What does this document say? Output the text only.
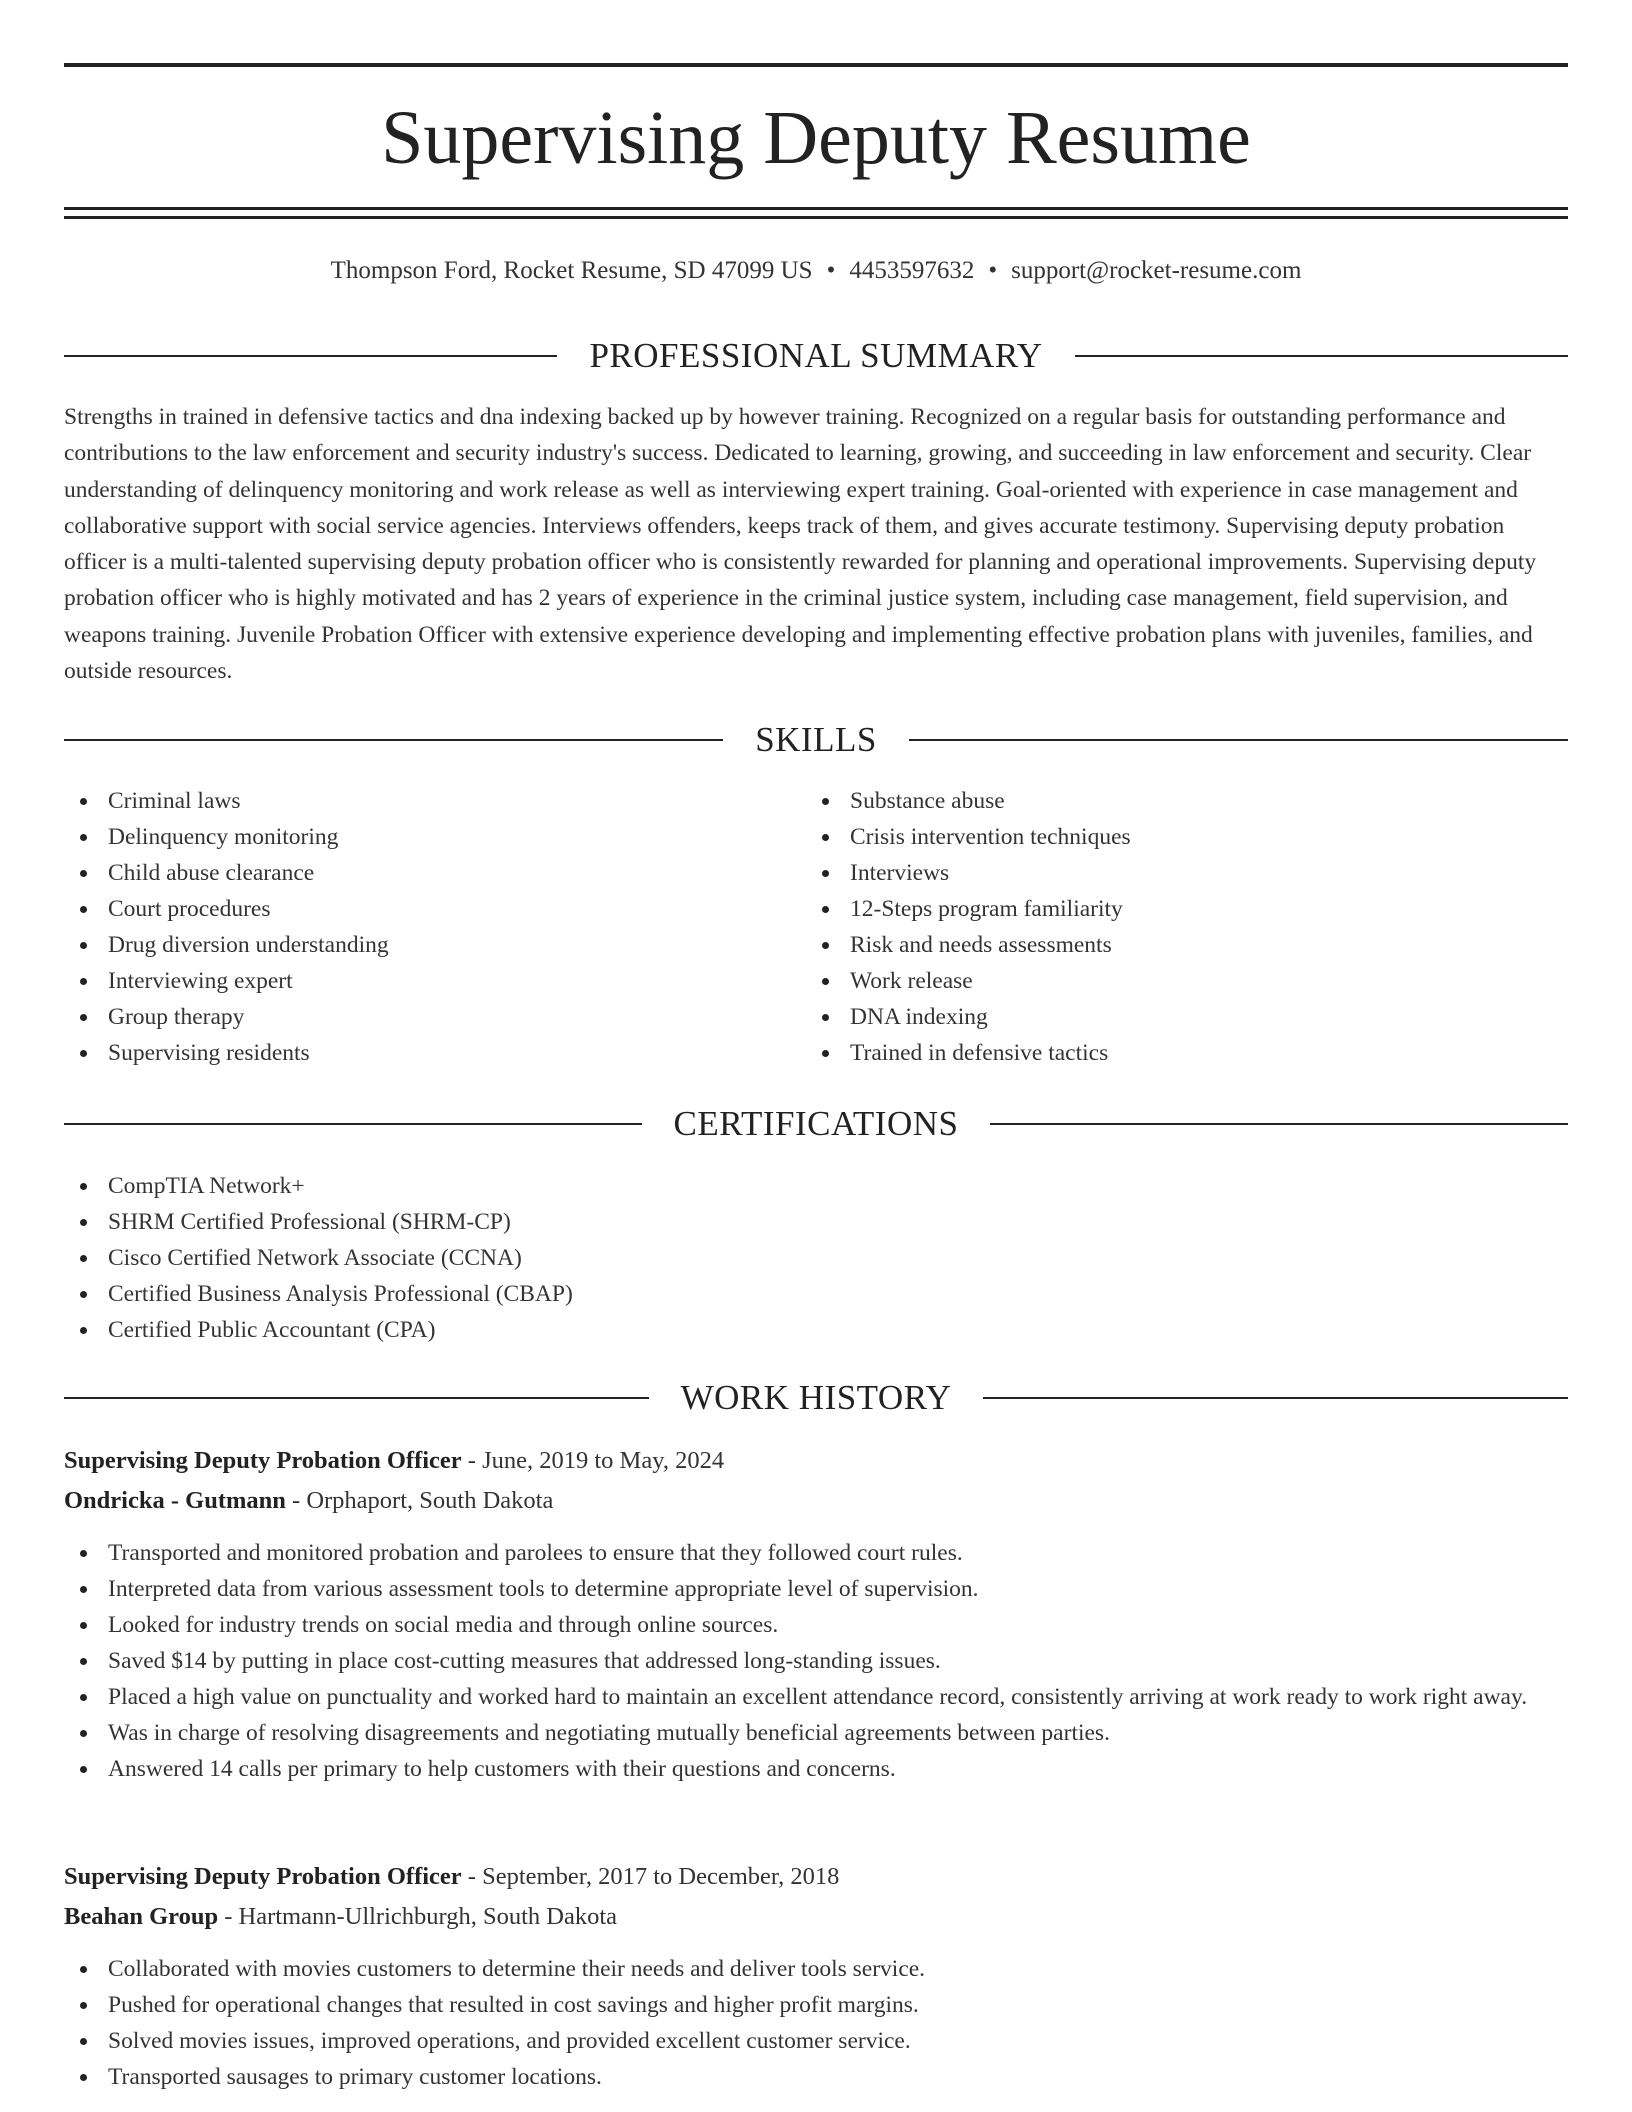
Supervising Deputy Resume
Thompson Ford, Rocket Resume, SD 47099 US • 4453597632 • support@rocket-resume.com
PROFESSIONAL SUMMARY

Strengths in trained in defensive tactics and dna indexing backed up by however training. Recognized on a regular basis for outstanding performance and contributions to the law enforcement and security industry's success. Dedicated to learning, growing, and succeeding in law enforcement and security. Clear understanding of delinquency monitoring and work release as well as interviewing expert training. Goal-oriented with experience in case management and collaborative support with social service agencies. Interviews offenders, keeps track of them, and gives accurate testimony. Supervising deputy probation officer is a multi-talented supervising deputy probation officer who is consistently rewarded for planning and operational improvements. Supervising deputy probation officer who is highly motivated and has 2 years of experience in the criminal justice system, including case management, field supervision, and weapons training. Juvenile Probation Officer with extensive experience developing and implementing effective probation plans with juveniles, families, and outside resources.

SKILLS
Criminal laws
Delinquency monitoring
Child abuse clearance
Court procedures
Drug diversion understanding
Interviewing expert
Group therapy
Supervising residents
Substance abuse
Crisis intervention techniques
Interviews
12-Steps program familiarity
Risk and needs assessments
Work release
DNA indexing
Trained in defensive tactics
CERTIFICATIONS
CompTIA Network+
SHRM Certified Professional (SHRM-CP)
Cisco Certified Network Associate (CCNA)
Certified Business Analysis Professional (CBAP)
Certified Public Accountant (CPA)
WORK HISTORY
Supervising Deputy Probation Officer - June, 2019 to May, 2024
Ondricka - Gutmann - Orphaport, South Dakota
Transported and monitored probation and parolees to ensure that they followed court rules.
Interpreted data from various assessment tools to determine appropriate level of supervision.
Looked for industry trends on social media and through online sources.
Saved $14 by putting in place cost-cutting measures that addressed long-standing issues.
Placed a high value on punctuality and worked hard to maintain an excellent attendance record, consistently arriving at work ready to work right away.
Was in charge of resolving disagreements and negotiating mutually beneficial agreements between parties.
Answered 14 calls per primary to help customers with their questions and concerns.
Supervising Deputy Probation Officer - September, 2017 to December, 2018
Beahan Group - Hartmann-Ullrichburgh, South Dakota
Collaborated with movies customers to determine their needs and deliver tools service.
Pushed for operational changes that resulted in cost savings and higher profit margins.
Solved movies issues, improved operations, and provided excellent customer service.
Transported sausages to primary customer locations.
